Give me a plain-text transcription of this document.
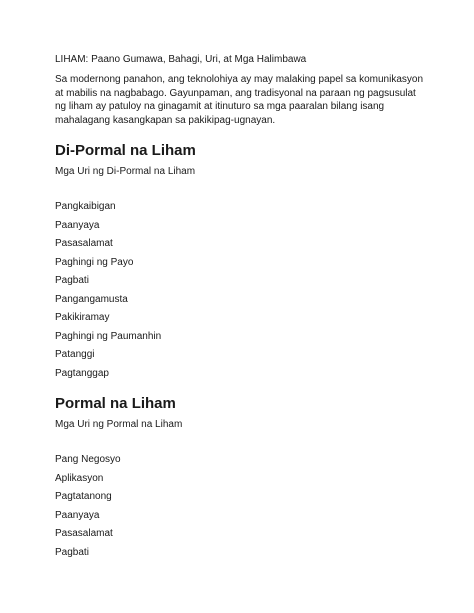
LIHAM: Paano Gumawa, Bahagi, Uri, at Mga Halimbawa
Sa modernong panahon, ang teknolohiya ay may malaking papel sa komunikasyon at mabilis na nagbabago. Gayunpaman, ang tradisyonal na paraan ng pagsusulat ng liham ay patuloy na ginagamit at itinuturo sa mga paaralan bilang isang mahalagang kasangkapan sa pakikipag-ugnayan.
Di-Pormal na Liham
Mga Uri ng Di-Pormal na Liham
Pangkaibigan
Paanyaya
Pasasalamat
Paghingi ng Payo
Pagbati
Pangangamusta
Pakikiramay
Paghingi ng Paumanhin
Patanggi
Pagtanggap
Pormal na Liham
Mga Uri ng Pormal na Liham
Pang Negosyo
Aplikasyon
Pagtatanong
Paanyaya
Pasasalamat
Pagbati
